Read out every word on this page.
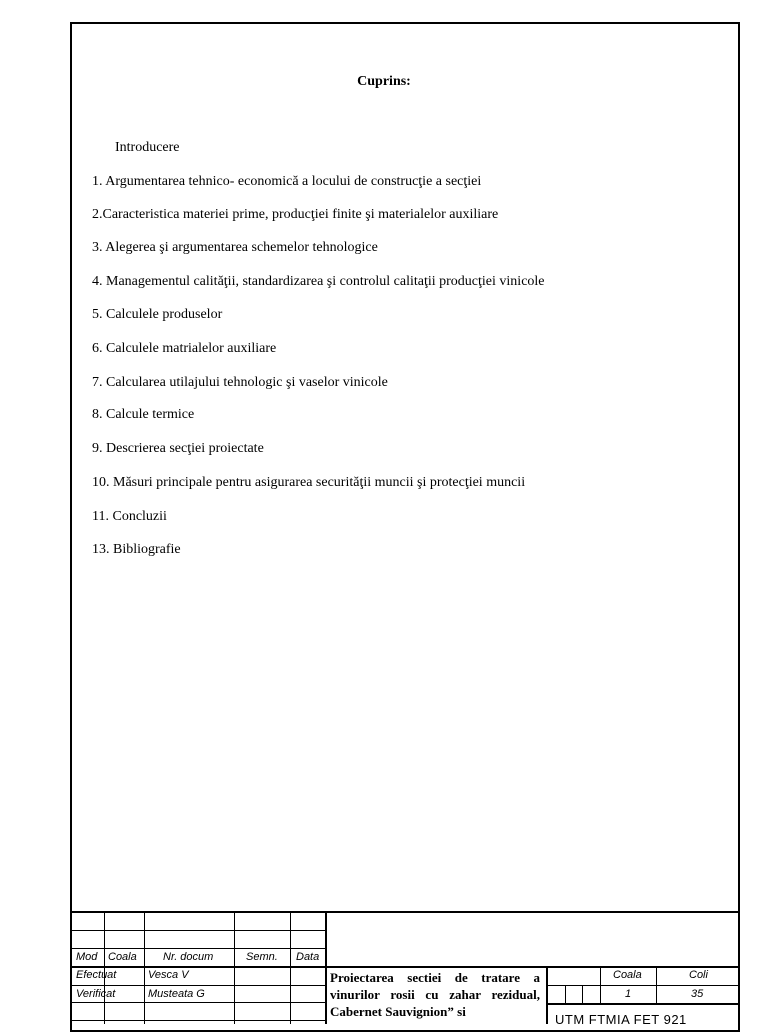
Cuprins:
Introducere
1. Argumentarea tehnico- economică a locului de construcţie a secţiei
2.Caracteristica materiei prime, producţiei finite şi materialelor auxiliare
3. Alegerea şi argumentarea schemelor tehnologice
4. Managementul calităţii, standardizarea şi controlul calitaţii producţiei vinicole
5. Calculele produselor
6. Calculele matrialelor auxiliare
7. Calcularea utilajului tehnologic şi vaselor vinicole
8. Calcule termice
9. Descrierea secţiei proiectate
10. Măsuri principale pentru asigurarea securităţii muncii şi protecţiei muncii
11. Concluzii
13. Bibliografie
Mod Coala Nr. docum	Semn. Data
Efectuat	Vesca V
Verificat	Musteata G
Proiectarea sectiei de tratare a vinurilor rosii cu zahar rezidual, Cabernet Sauvignion” si
Coala	Coli
1	35
UTM FTMIA FET 921
